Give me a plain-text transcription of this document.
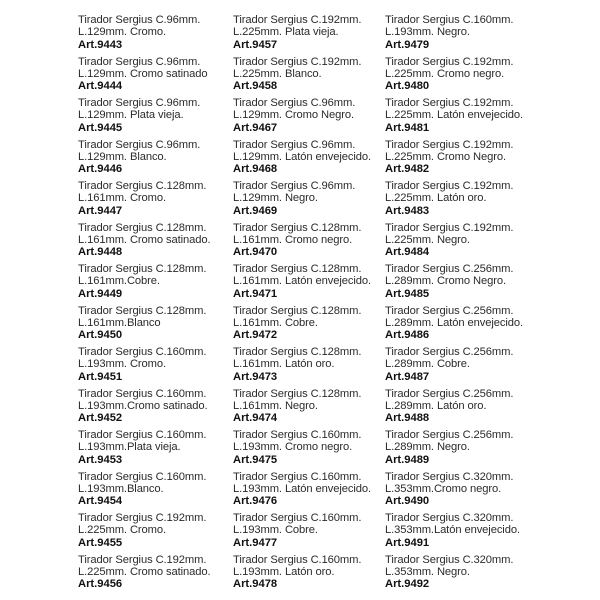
Tirador Sergius C.96mm.
L.129mm. Cromo.
Art.9443
Tirador Sergius C.96mm.
L.129mm. Cromo satinado
Art.9444
Tirador Sergius C.96mm.
L.129mm. Plata vieja.
Art.9445
Tirador Sergius C.96mm.
L.129mm. Blanco.
Art.9446
Tirador Sergius C.128mm.
L.161mm. Cromo.
Art.9447
Tirador Sergius C.128mm.
L.161mm. Cromo satinado.
Art.9448
Tirador Sergius C.128mm.
L.161mm.Cobre.
Art.9449
Tirador Sergius C.128mm.
L.161mm.Blanco
Art.9450
Tirador Sergius C.160mm.
L.193mm. Cromo.
Art.9451
Tirador Sergius C.160mm.
L.193mm.Cromo satinado.
Art.9452
Tirador Sergius C.160mm.
L.193mm.Plata vieja.
Art.9453
Tirador Sergius C.160mm.
L.193mm.Blanco.
Art.9454
Tirador Sergius C.192mm.
L.225mm. Cromo.
Art.9455
Tirador Sergius C.192mm.
L.225mm. Cromo satinado.
Art.9456
Tirador Sergius C.192mm.
L.225mm. Plata vieja.
Art.9457
Tirador Sergius C.192mm.
L.225mm. Blanco.
Art.9458
Tirador Sergius C.96mm.
L.129mm. Cromo Negro.
Art.9467
Tirador Sergius C.96mm.
L.129mm. Latón envejecido.
Art.9468
Tirador Sergius C.96mm.
L.129mm. Negro.
Art.9469
Tirador Sergius C.128mm.
L.161mm. Cromo negro.
Art.9470
Tirador Sergius C.128mm.
L.161mm. Latón envejecido.
Art.9471
Tirador Sergius C.128mm.
L.161mm. Cobre.
Art.9472
Tirador Sergius C.128mm.
L.161mm. Latón oro.
Art.9473
Tirador Sergius C.128mm.
L.161mm. Negro.
Art.9474
Tirador Sergius C.160mm.
L.193mm. Cromo negro.
Art.9475
Tirador Sergius C.160mm.
L.193mm. Latón envejecido.
Art.9476
Tirador Sergius C.160mm.
L.193mm. Cobre.
Art.9477
Tirador Sergius C.160mm.
L.193mm. Latón oro.
Art.9478
Tirador Sergius C.160mm.
L.193mm. Negro.
Art.9479
Tirador Sergius C.192mm.
L.225mm. Cromo negro.
Art.9480
Tirador Sergius C.192mm.
L.225mm. Latón envejecido.
Art.9481
Tirador Sergius C.192mm.
L.225mm. Cromo Negro.
Art.9482
Tirador Sergius C.192mm.
L.225mm. Latón oro.
Art.9483
Tirador Sergius C.192mm.
L.225mm. Negro.
Art.9484
Tirador Sergius C.256mm.
L.289mm. Cromo Negro.
Art.9485
Tirador Sergius C.256mm.
L.289mm. Latón envejecido.
Art.9486
Tirador Sergius C.256mm.
L.289mm. Cobre.
Art.9487
Tirador Sergius C.256mm.
L.289mm. Latón oro.
Art.9488
Tirador Sergius C.256mm.
L.289mm. Negro.
Art.9489
Tirador Sergius C.320mm.
L.353mm.Cromo negro.
Art.9490
Tirador Sergius C.320mm.
L.353mm.Latón envejecido.
Art.9491
Tirador Sergius C.320mm.
L.353mm. Negro.
Art.9492
